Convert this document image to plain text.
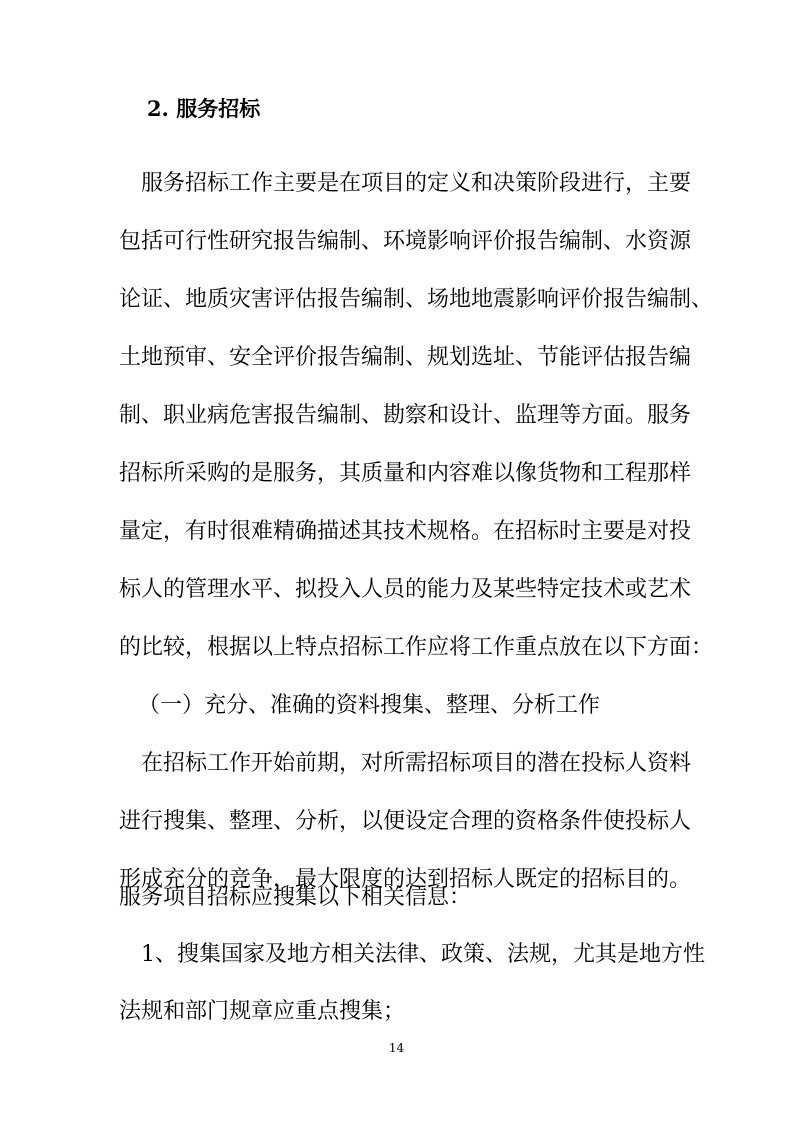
2. 服务招标
服务招标工作主要是在项目的定义和决策阶段进行，主要
包括可行性研究报告编制、环境影响评价报告编制、水资源
论证、地质灾害评估报告编制、场地地震影响评价报告编制、
土地预审、安全评价报告编制、规划选址、节能评估报告编
制、职业病危害报告编制、勘察和设计、监理等方面。服务
招标所采购的是服务，其质量和内容难以像货物和工程那样
量定，有时很难精确描述其技术规格。在招标时主要是对投
标人的管理水平、拟投入人员的能力及某些特定技术或艺术
的比较，根据以上特点招标工作应将工作重点放在以下方面：
（一）充分、准确的资料搜集、整理、分析工作
在招标工作开始前期，对所需招标项目的潜在投标人资料
进行搜集、整理、分析，以便设定合理的资格条件使投标人
形成充分的竞争，最大限度的达到招标人既定的招标目的。
服务项目招标应搜集以下相关信息：
1、搜集国家及地方相关法律、政策、法规，尤其是地方性
法规和部门规章应重点搜集；
14
